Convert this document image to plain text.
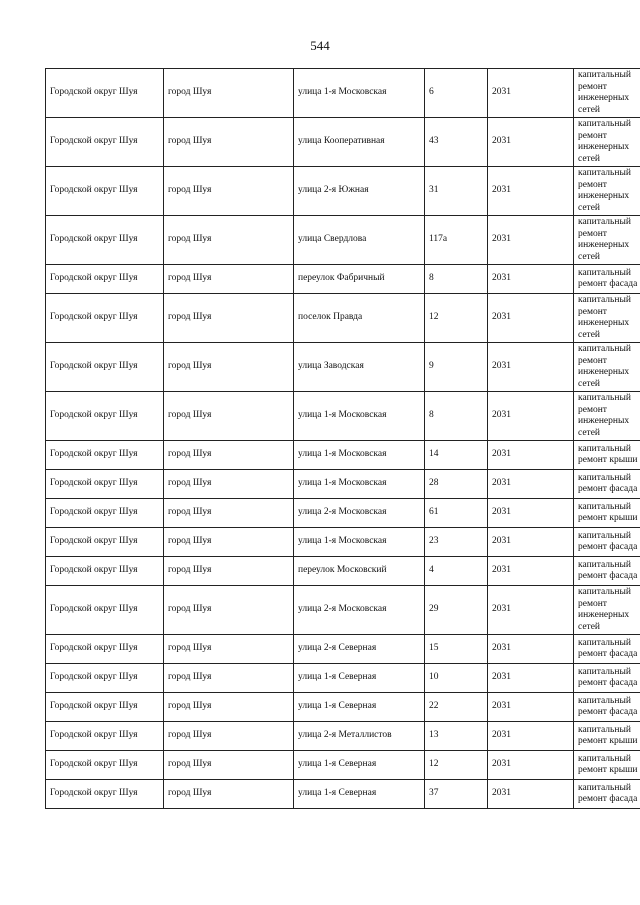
544
Городской округ Шуя	город Шуя	улица 1-я Московская	6	2031	капитальный ремонт инженерных сетей
Городской округ Шуя	город Шуя	улица Кооперативная	43	2031	капитальный ремонт инженерных сетей
Городской округ Шуя	город Шуя	улица 2-я Южная	31	2031	капитальный ремонт инженерных сетей
Городской округ Шуя	город Шуя	улица Свердлова	117а	2031	капитальный ремонт инженерных сетей
Городской округ Шуя	город Шуя	переулок Фабричный	8	2031	капитальный ремонт фасада
Городской округ Шуя	город Шуя	поселок Правда	12	2031	капитальный ремонт инженерных сетей
Городской округ Шуя	город Шуя	улица Заводская	9	2031	капитальный ремонт инженерных сетей
Городской округ Шуя	город Шуя	улица 1-я Московская	8	2031	капитальный ремонт инженерных сетей
Городской округ Шуя	город Шуя	улица 1-я Московская	14	2031	капитальный ремонт крыши
Городской округ Шуя	город Шуя	улица 1-я Московская	28	2031	капитальный ремонт фасада
Городской округ Шуя	город Шуя	улица 2-я Московская	61	2031	капитальный ремонт крыши
Городской округ Шуя	город Шуя	улица 1-я Московская	23	2031	капитальный ремонт фасада
Городской округ Шуя	город Шуя	переулок Московский	4	2031	капитальный ремонт фасада
Городской округ Шуя	город Шуя	улица 2-я Московская	29	2031	капитальный ремонт инженерных сетей
Городской округ Шуя	город Шуя	улица 2-я Северная	15	2031	капитальный ремонт фасада
Городской округ Шуя	город Шуя	улица 1-я Северная	10	2031	капитальный ремонт фасада
Городской округ Шуя	город Шуя	улица 1-я Северная	22	2031	капитальный ремонт фасада
Городской округ Шуя	город Шуя	улица 2-я Металлистов	13	2031	капитальный ремонт крыши
Городской округ Шуя	город Шуя	улица 1-я Северная	12	2031	капитальный ремонт крыши
Городской округ Шуя	город Шуя	улица 1-я Северная	37	2031	капитальный ремонт фасада
